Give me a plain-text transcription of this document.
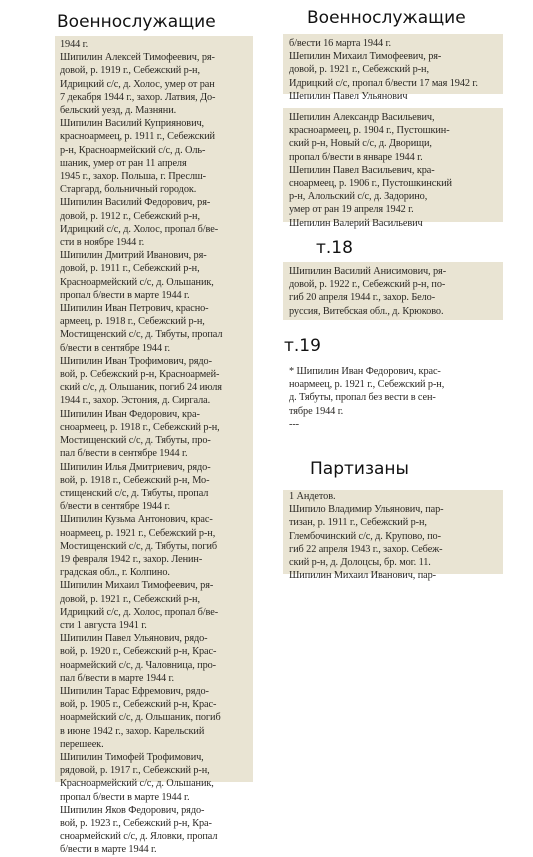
Военнослужащие	Военнослужащие
т.18
т.19
Партизаны
1944 г.
Шипилин Алексей Тимофеевич, ря-
довой, р. 1919 г., Себежский р-н,
Идрицкий с/с, д. Холос, умер от ран
7 декабря 1944 г., захор. Латвия, До-
бельский уезд, д. Мазняни.
Шипилин Василий Куприянович,
красноармеец, р. 1911 г., Себежский
р-н, Красноармейский с/с, д. Оль-
шаник, умер от ран 11 апреля
1945 г., захор. Польша, г. Преслш-
Старгард, больничный городок.
Шипилин Василий Федорович, ря-
довой, р. 1912 г., Себежский р-н,
Идрицкий с/с, д. Холос, пропал б/ве-
сти в ноябре 1944 г.
Шипилин Дмитрий Иванович, ря-
довой, р. 1911 г., Себежский р-н,
Красноармейский с/с, д. Ольшаник,
пропал б/вести в марте 1944 г.
Шипилин Иван Петрович, красно-
армеец, р. 1918 г., Себежский р-н,
Мостищенский с/с, д. Тябуты, пропал
б/вести в сентябре 1944 г.
Шипилин Иван Трофимович, рядо-
вой, р. Себежский р-н, Красноармей-
ский с/с, д. Ольшаник, погиб 24 июля
1944 г., захор. Эстония, д. Сиргала.
Шипилин Иван Федорович, кра-
сноармеец, р. 1918 г., Себежский р-н,
Мостищенский с/с, д. Тябуты, про-
пал б/вести в сентябре 1944 г.
Шипилин Илья Дмитриевич, рядо-
вой, р. 1918 г., Себежский р-н, Мо-
стищенский с/с, д. Тябуты, пропал
б/вести в сентябре 1944 г.
Шипилин Кузьма Антонович, крас-
ноармеец, р. 1921 г., Себежский р-н,
Мостищенский с/с, д. Тябуты, погиб
19 февраля 1942 г., захор. Ленин-
градская обл., г. Колпино.
Шипилин Михаил Тимофеевич, ря-
довой, р. 1921 г., Себежский р-н,
Идрицкий с/с, д. Холос, пропал б/ве-
сти 1 августа 1941 г.
Шипилин Павел Ульянович, рядо-
вой, р. 1920 г., Себежский р-н, Крас-
ноармейский с/с, д. Чаловница, про-
пал б/вести в марте 1944 г.
Шипилин Тарас Ефремович, рядо-
вой, р. 1905 г., Себежский р-н, Крас-
ноармейский с/с, д. Ольшаник, погиб
в июне 1942 г., захор. Карельский
перешеек.
Шипилин Тимофей Трофимович,
рядовой, р. 1917 г., Себежский р-н,
Красноармейский с/с, д. Ольшаник,
пропал б/вести в марте 1944 г.
Шипилин Яков Федорович, рядо-
вой, р. 1923 г., Себежский р-н, Кра-
сноармейский с/с, д. Яловки, пропал
б/вести в марте 1944 г.
б/вести 16 марта 1944 г.
Шепилин Михаил Тимофеевич, ря-
довой, р. 1921 г., Себежский р-н,
Идрицкий с/с, пропал б/вести 17 мая 1942 г.
Шепилин Павел Ульянович
Шепилин Александр Васильевич,
красноармеец, р. 1904 г., Пустошкин-
ский р-н, Новый с/с, д. Дворищи,
пропал б/вести в январе 1944 г.
Шепилин Павел Васильевич, кра-
сноармеец, р. 1906 г., Пустошкинский
р-н, Алольский с/с, д. Задорино,
умер от ран 19 апреля 1942 г.
Шепилин Валерий Васильевич
Шипилин Василий Анисимович, ря-
довой, р. 1922 г., Себежский р-н, по-
гиб 20 апреля 1944 г., захор. Бело-
руссия, Витебская обл., д. Крюково.
* Шипилин Иван Федорович, крас-
ноармеец, р. 1921 г., Себежский р-н,
д. Тябуты, пропал без вести в сен-
тябре 1944 г.
---
1 Андетов.
Шипило Владимир Ульянович, пар-
тизан, р. 1911 г., Себежский р-н,
Глембочинский с/с, д. Крупово, по-
гиб 22 апреля 1943 г., захор. Себеж-
ский р-н, д. Долоцсы, бр. мог. 11.
Шипилин Михаил Иванович, пар-
